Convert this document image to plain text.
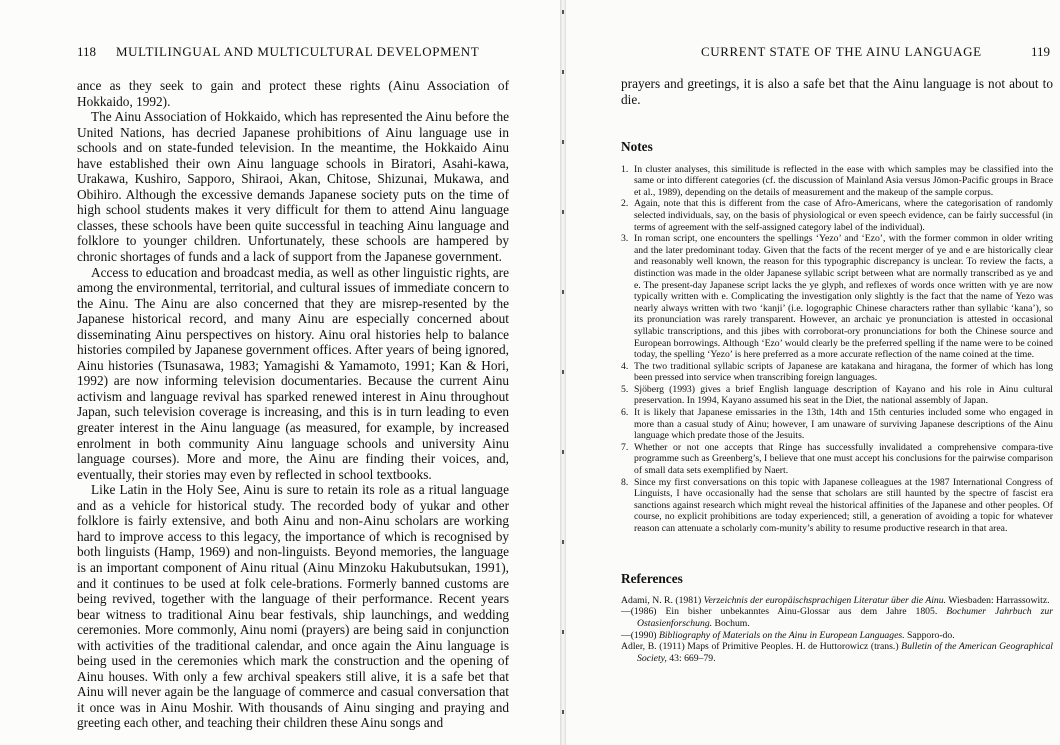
118 MULTILINGUAL AND MULTICULTURAL DEVELOPMENT

ance as they seek to gain and protect these rights (Ainu Association of Hokkaido, 1992).

The Ainu Association of Hokkaido, which has represented the Ainu before the United Nations, has decried Japanese prohibitions of Ainu language use in schools and on state-funded television. In the meantime, the Hokkaido Ainu have established their own Ainu language schools in Biratori, Asahi-kawa, Urakawa, Kushiro, Sapporo, Shiraoi, Akan, Chitose, Shizunai, Mukawa, and Obihiro. Although the excessive demands Japanese society puts on the time of high school students makes it very difficult for them to attend Ainu language classes, these schools have been quite successful in teaching Ainu language and folklore to younger children. Unfortunately, these schools are hampered by chronic shortages of funds and a lack of support from the Japanese government.

Access to education and broadcast media, as well as other linguistic rights, are among the environmental, territorial, and cultural issues of immediate concern to the Ainu. The Ainu are also concerned that they are misrep-resented by the Japanese historical record, and many Ainu are especially concerned about disseminating Ainu perspectives on history. Ainu oral histories help to balance histories compiled by Japanese government offices. After years of being ignored, Ainu histories (Tsunasawa, 1983; Yamagishi & Yamamoto, 1991; Kan & Hori, 1992) are now informing television documentaries. Because the current Ainu activism and language revival has sparked renewed interest in Ainu throughout Japan, such television coverage is increasing, and this is in turn leading to even greater interest in the Ainu language (as measured, for example, by increased enrolment in both community Ainu language schools and university Ainu language courses). More and more, the Ainu are finding their voices, and, eventually, their stories may even by reflected in school textbooks.

Like Latin in the Holy See, Ainu is sure to retain its role as a ritual language and as a vehicle for historical study. The recorded body of yukar and other folklore is fairly extensive, and both Ainu and non-Ainu scholars are working hard to improve access to this legacy, the importance of which is recognised by both linguists (Hamp, 1969) and non-linguists. Beyond memories, the language is an important component of Ainu ritual (Ainu Minzoku Hakubutsukan, 1991), and it continues to be used at folk cele-brations. Formerly banned customs are being revived, together with the language of their performance. Recent years bear witness to traditional Ainu bear festivals, ship launchings, and wedding ceremonies. More commonly, Ainu nomi (prayers) are being said in conjunction with activities of the traditional calendar, and once again the Ainu language is being used in the ceremonies which mark the construction and the opening of Ainu houses. With only a few archival speakers still alive, it is a safe bet that Ainu will never again be the language of commerce and casual conversation that it once was in Ainu Moshir. With thousands of Ainu singing and praying and greeting each other, and teaching their children these Ainu songs and

CURRENT STATE OF THE AINU LANGUAGE	119

prayers and greetings, it is also a safe bet that the Ainu language is not about to die.

Notes
1. In cluster analyses, this similitude is reflected in the ease with which samples may be classified into the same or into different categories (cf. the discussion of Mainland Asia versus Jōmon-Pacific groups in Brace et al., 1989), depending on the details of measurement and the makeup of the sample corpus.
2. Again, note that this is different from the case of Afro-Americans, where the categorisation of randomly selected individuals, say, on the basis of physiological or even speech evidence, can be fairly successful (in terms of agreement with the self-assigned category label of the individual).
3. In roman script, one encounters the spellings ‘Yezo’ and ‘Ezo’, with the former common in older writing and the later predominant today. Given that the facts of the recent merger of ye and e are historically clear and reasonably well known, the reason for this typographic discrepancy is unclear. To review the facts, a distinction was made in the older Japanese syllabic script between what are normally transcribed as ye and e. The present-day Japanese script lacks the ye glyph, and reflexes of words once written with ye are now typically written with e. Complicating the investigation only slightly is the fact that the name of Yezo was nearly always written with two ‘kanji’ (i.e. logographic Chinese characters rather than syllabic ‘kana’), so its pronunciation was rarely transparent. However, an archaic ye pronunciation is attested in occasional syllabic transcriptions, and this jibes with corroborat-ory pronunciations for both the Chinese source and European borrowings. Although ‘Ezo’ would clearly be the preferred spelling if the name were to be coined today, the spelling ‘Yezo’ is here preferred as a more accurate reflection of the name coined at the time.
4. The two traditional syllabic scripts of Japanese are katakana and hiragana, the former of which has long been pressed into service when transcribing foreign languages.
5. Sjöberg (1993) gives a brief English language description of Kayano and his role in Ainu cultural preservation. In 1994, Kayano assumed his seat in the Diet, the national assembly of Japan.
6. It is likely that Japanese emissaries in the 13th, 14th and 15th centuries included some who engaged in more than a casual study of Ainu; however, I am unaware of surviving Japanese descriptions of the Ainu language which predate those of the Jesuits.
7. Whether or not one accepts that Ringe has successfully invalidated a comprehensive compara-tive programme such as Greenberg’s, I believe that one must accept his conclusions for the pairwise comparison of small data sets exemplified by Naert.
8. Since my first conversations on this topic with Japanese colleagues at the 1987 International Congress of Linguists, I have occasionally had the sense that scholars are still haunted by the spectre of fascist era sanctions against research which might reveal the historical affinities of the Japanese and other peoples. Of course, no explicit prohibitions are today experienced; still, a generation of avoiding a topic for whatever reason can attenuate a scholarly com-munity’s ability to resume productive research in that area.
References

Adami, N. R. (1981) Verzeichnis der europäischsprachigen Literatur über die Ainu. Wiesbaden: Harrassowitz.

—(1986) Ein bisher unbekanntes Ainu-Glossar aus dem Jahre 1805. Bochumer Jahrbuch zur Ostasienforschung. Bochum.

—(1990) Bibliography of Materials on the Ainu in European Languages. Sapporo-do.

Adler, B. (1911) Maps of Primitive Peoples. H. de Huttorowicz (trans.) Bulletin of the American Geographical Society, 43: 669–79.
